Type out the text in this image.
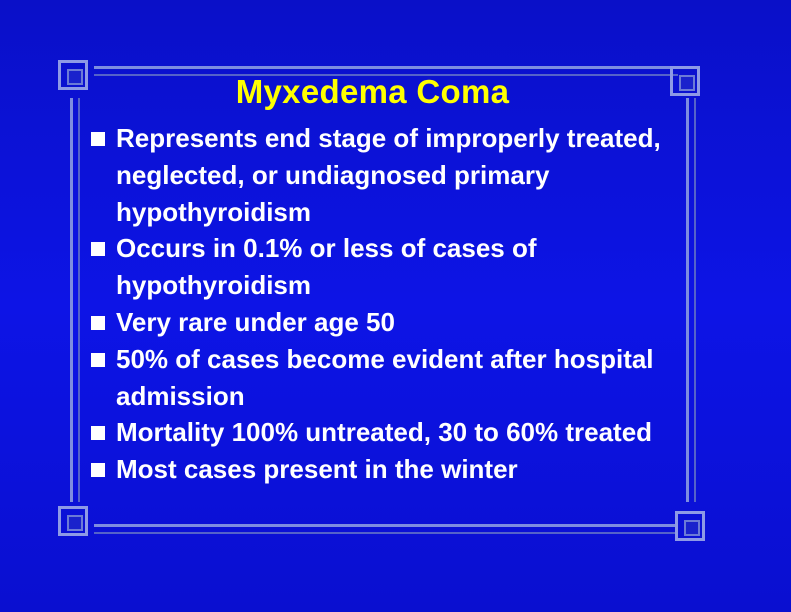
Myxedema Coma
Represents end stage of improperly treated, neglected, or undiagnosed primary hypothyroidism
Occurs in 0.1% or less of cases of hypothyroidism
Very rare under age 50
50% of cases become evident after hospital admission
Mortality 100% untreated, 30 to 60% treated
Most cases present in the winter
